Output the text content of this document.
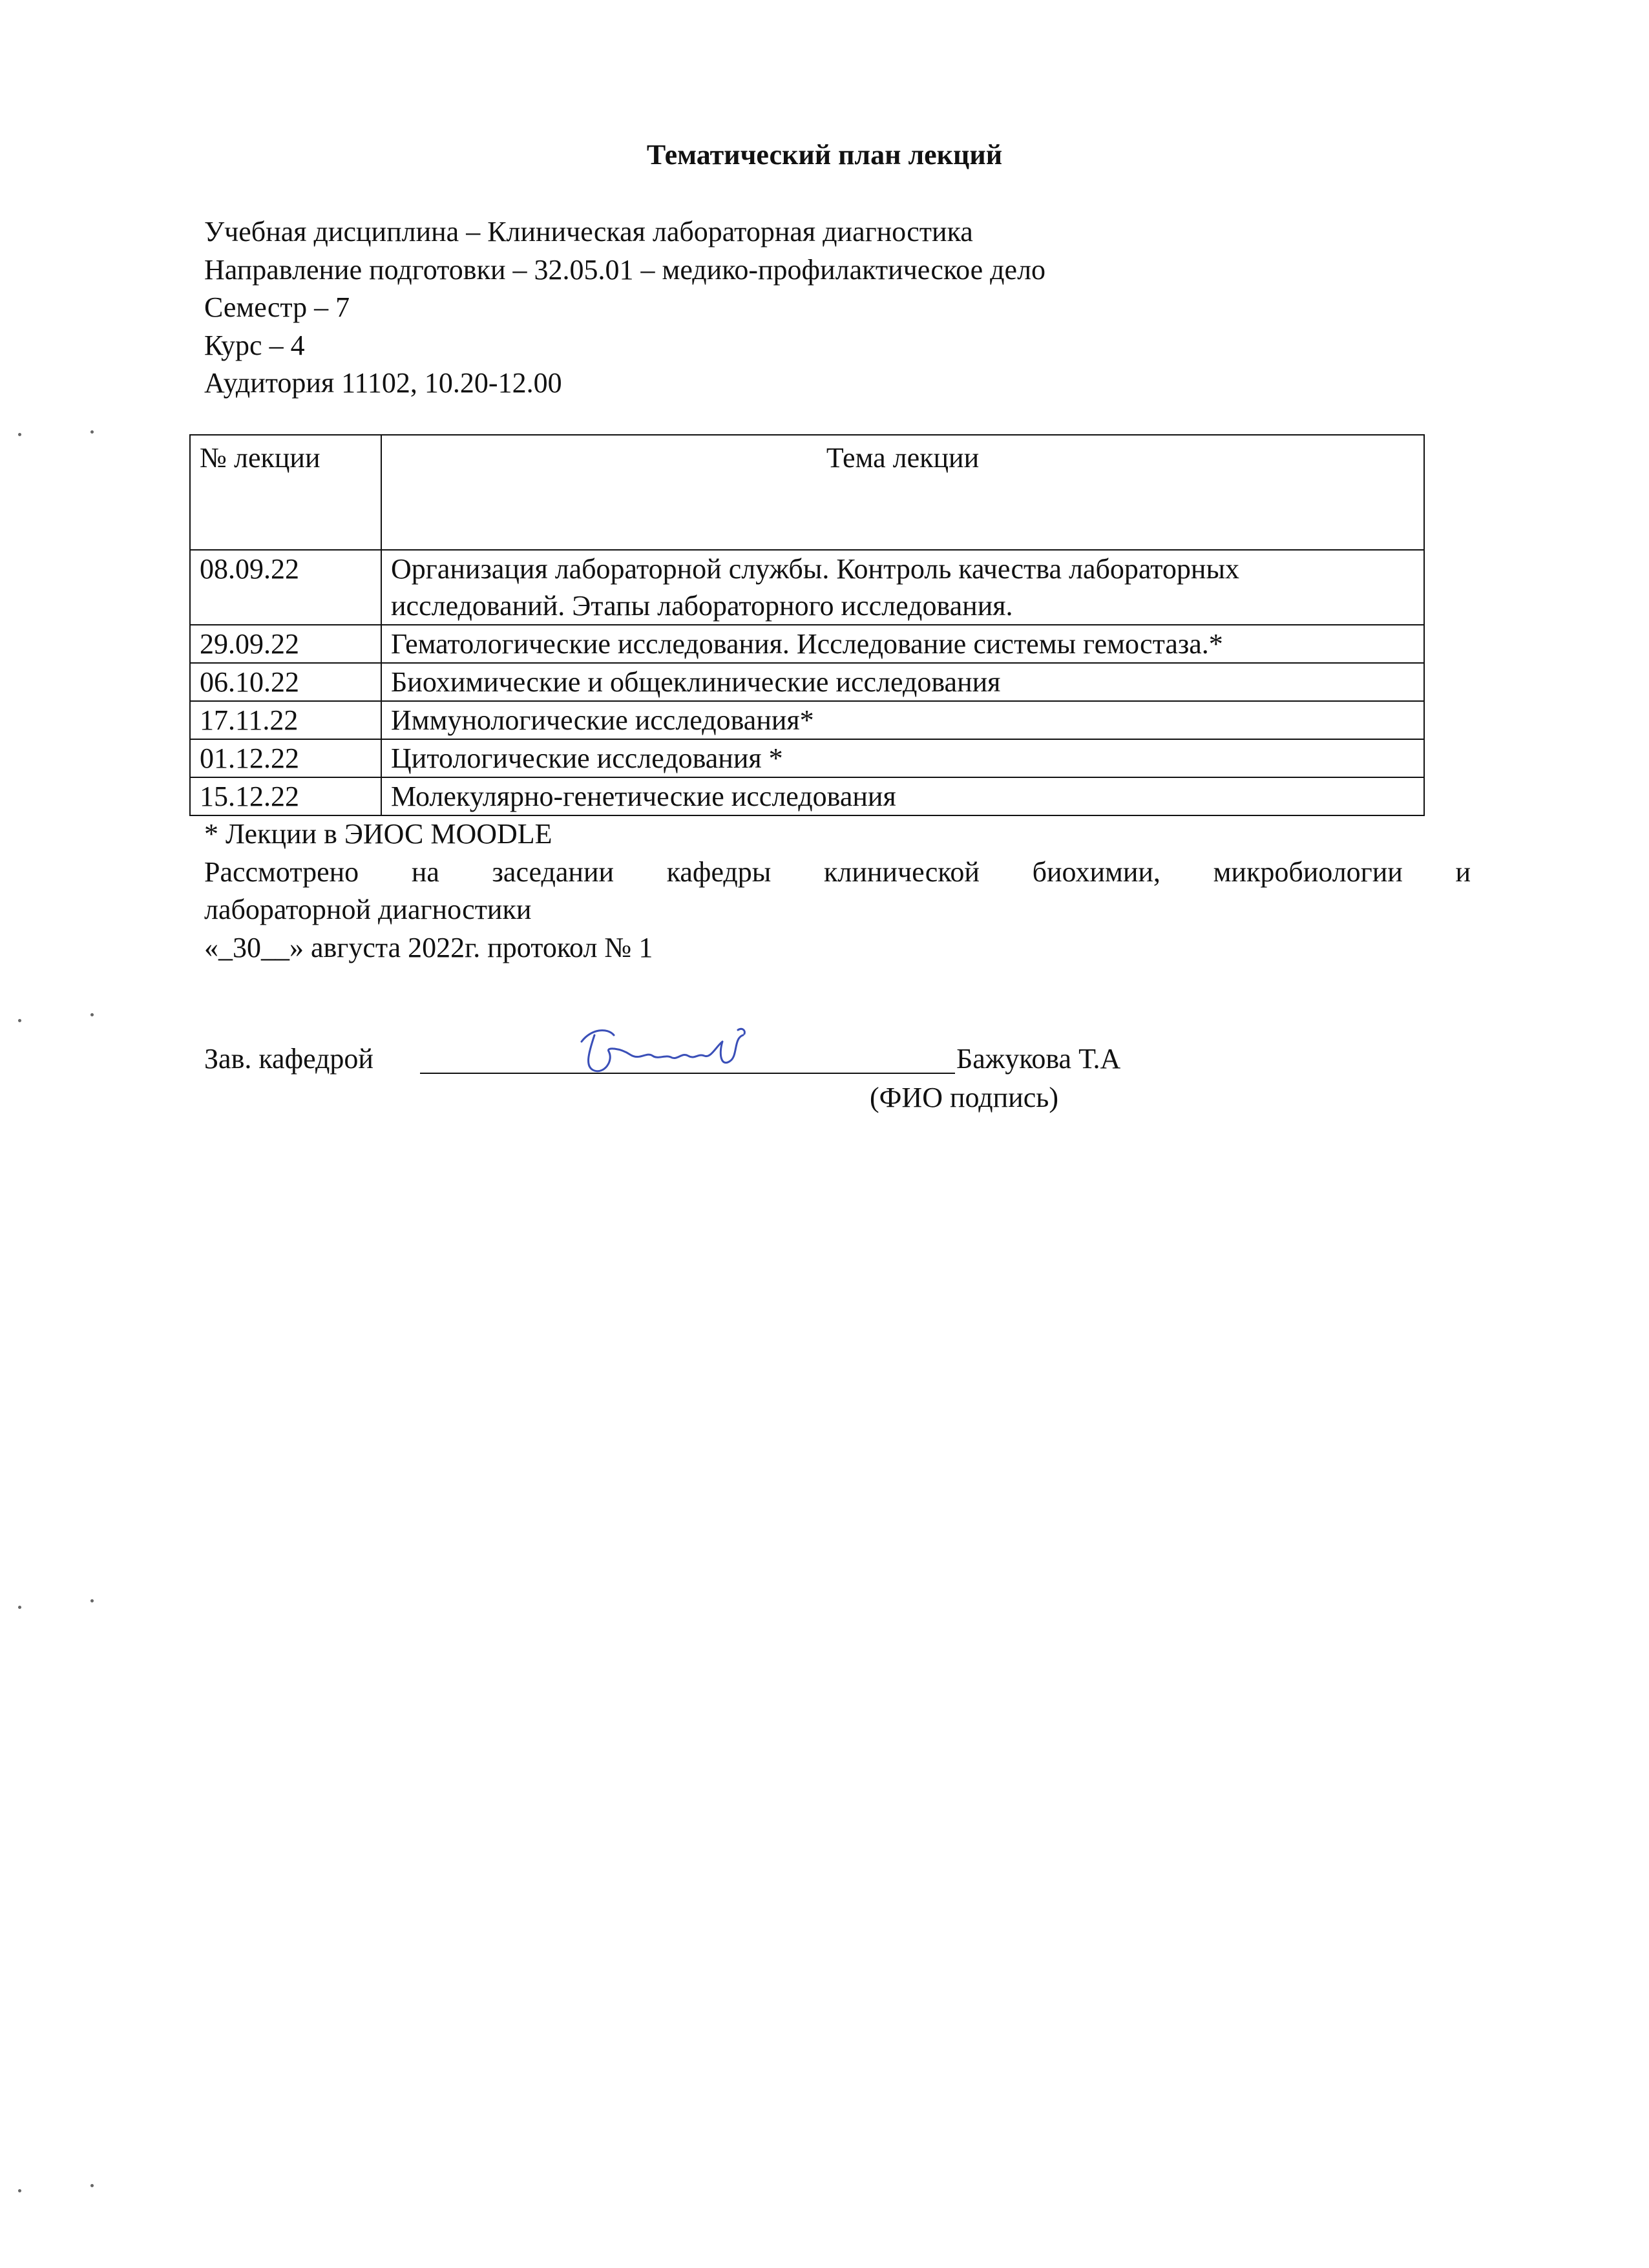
Тематический план лекций
Учебная дисциплина – Клиническая лабораторная диагностика
Направление подготовки – 32.05.01 – медико-профилактическое дело
Семестр – 7
Курс – 4
Аудитория 11102, 10.20-12.00
№ лекции	Тема лекции
08.09.22	Организация лабораторной службы. Контроль качества лабораторных исследований. Этапы лабораторного исследования.
29.09.22	Гематологические исследования. Исследование системы гемостаза.*
06.10.22	Биохимические и общеклинические исследования
17.11.22	Иммунологические исследования*
01.12.22	Цитологические исследования *
15.12.22	Молекулярно-генетические исследования
* Лекции в ЭИОС MOODLE
Рассмотрено на заседании кафедры клинической биохимии, микробиологии и
лабораторной диагностики
«_30__» августа 2022г. протокол № 1
Зав. кафедрой	Бажукова Т.А
(ФИО подпись)
